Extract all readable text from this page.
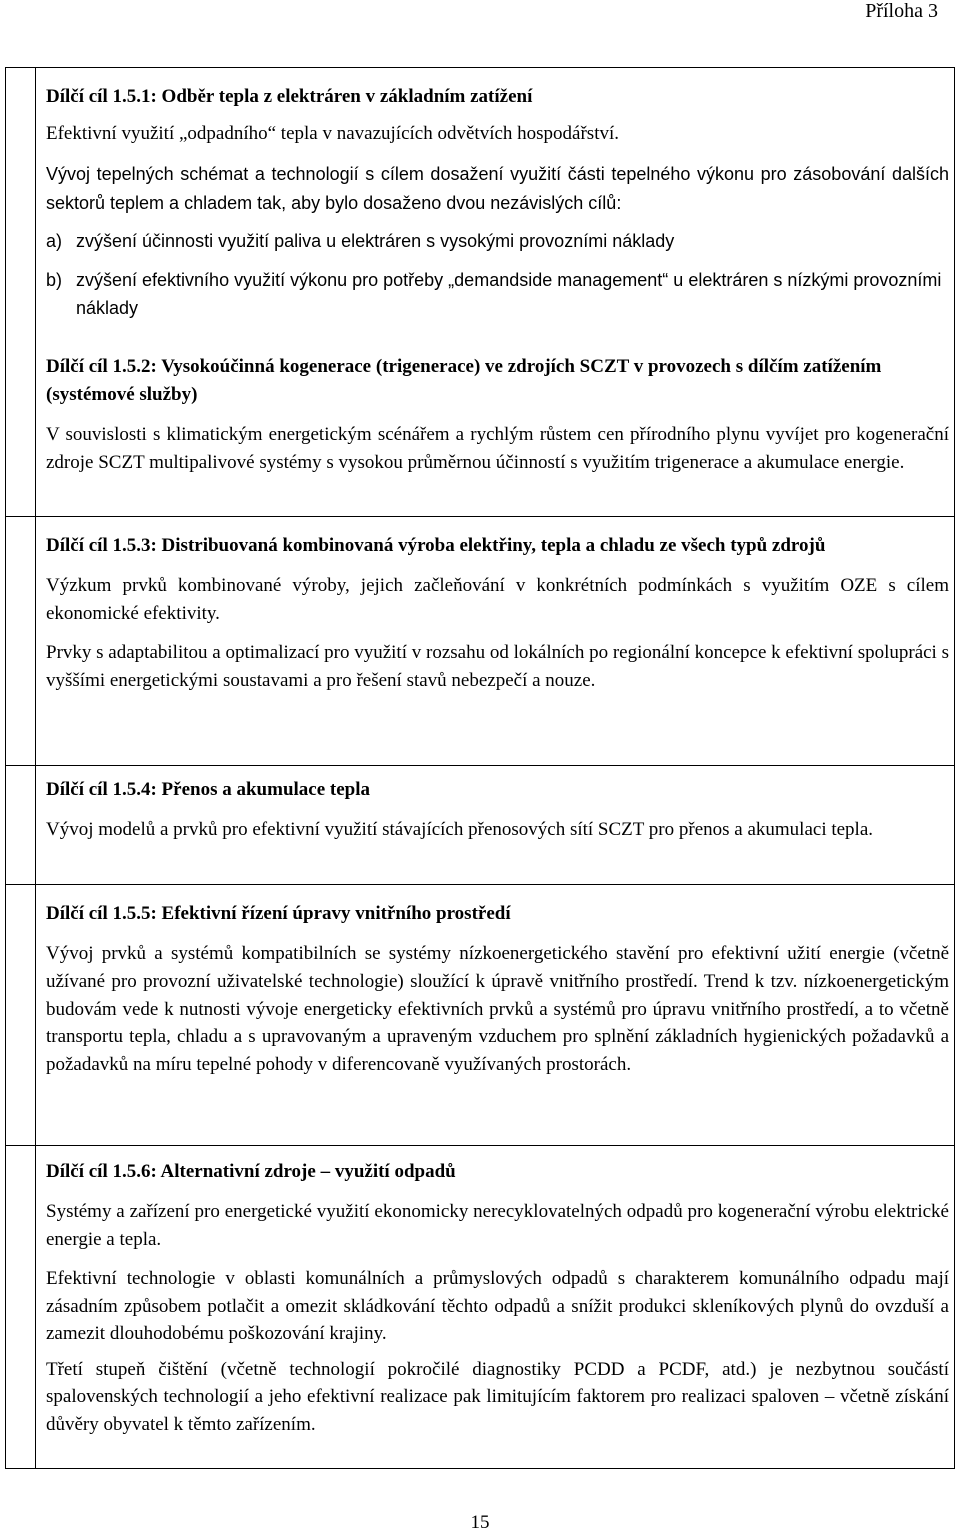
Příloha 3

Dílčí cíl 1.5.1: Odběr tepla z elektráren v základním zatížení

Efektivní využití „odpadního“ tepla v navazujících odvětvích hospodářství.

Vývoj tepelných schémat a technologií s cílem dosažení využití části tepelného výkonu pro zásobování dalších sektorů teplem a chladem tak, aby bylo dosaženo dvou nezávislých cílů:

a) zvýšení účinnosti využití paliva u elektráren s vysokými provozními náklady
b) zvýšení efektivního využití výkonu pro potřeby „demandside management“ u elektráren s nízkými provozními náklady

Dílčí cíl 1.5.2: Vysokoúčinná kogenerace (trigenerace) ve zdrojích SCZT v provozech s dílčím zatížením (systémové služby)

V souvislosti s klimatickým energetickým scénářem a rychlým růstem cen přírodního plynu vyvíjet pro kogenerační zdroje SCZT multipalivové systémy s vysokou průměrnou účinností s využitím trigenerace a akumulace energie.

Dílčí cíl 1.5.3: Distribuovaná kombinovaná výroba elektřiny, tepla a chladu ze všech typů zdrojů

Výzkum prvků kombinované výroby, jejich začleňování v konkrétních podmínkách s využitím OZE s cílem ekonomické efektivity.

Prvky s adaptabilitou a optimalizací pro využití v rozsahu od lokálních po regionální koncepce k efektivní spolupráci s vyššími energetickými soustavami a pro řešení stavů nebezpečí a nouze.

Dílčí cíl 1.5.4: Přenos a akumulace tepla

Vývoj modelů a prvků pro efektivní využití stávajících přenosových sítí SCZT pro přenos a akumulaci tepla.

Dílčí cíl 1.5.5: Efektivní řízení úpravy vnitřního prostředí

Vývoj prvků a systémů kompatibilních se systémy nízkoenergetického stavění pro efektivní užití energie (včetně užívané pro provozní uživatelské technologie) sloužící k úpravě vnitřního prostředí. Trend k tzv. nízkoenergetickým budovám vede k nutnosti vývoje energeticky efektivních prvků a systémů pro úpravu vnitřního prostředí, a to včetně transportu tepla, chladu a s upravovaným a upraveným vzduchem pro splnění základních hygienických požadavků a požadavků na míru tepelné pohody v diferencovaně využívaných prostorách.

Dílčí cíl 1.5.6: Alternativní zdroje – využití odpadů

Systémy a zařízení pro energetické využití ekonomicky nerecyklovatelných odpadů pro kogenerační výrobu elektrické energie a tepla.

Efektivní technologie v oblasti komunálních a průmyslových odpadů s charakterem komunálního odpadu mají zásadním způsobem potlačit a omezit skládkování těchto odpadů a snížit produkci skleníkových plynů do ovzduší a zamezit dlouhodobému poškozování krajiny.

Třetí stupeň čištění (včetně technologií pokročilé diagnostiky PCDD a PCDF, atd.) je nezbytnou součástí spalovenských technologií a jeho efektivní realizace pak limitujícím faktorem pro realizaci spaloven – včetně získání důvěry obyvatel k těmto zařízením.

15
